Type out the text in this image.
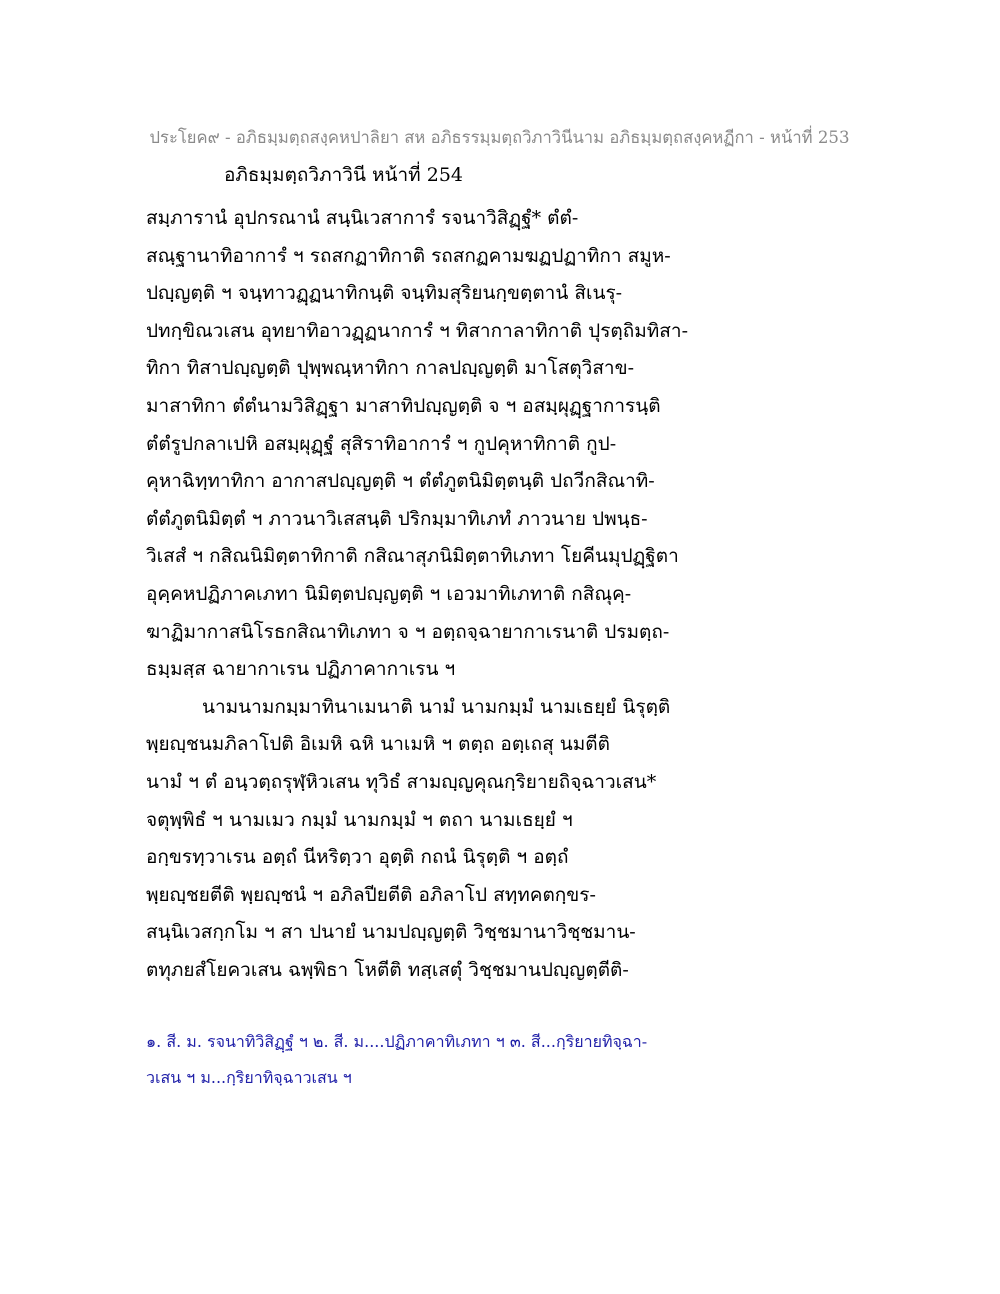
ประโยค๙ - อภิธมฺมตฺถสงฺคหปาลิยา สห อภิธรรมฺมตฺถวิภาวินีนาม อภิธมฺมตฺถสงฺคหฏีกา - หน้าที่ 253
อภิธมฺมตฺถวิภาวินี หน้าที่ 254
สมฺภารานํ อุปกรณานํ สนฺนิเวสาการํ รจนาวิสิฏฺฐํ* ตํตํ-
สณฺฐานาทิอาการํ ฯ รถสกฏาทิกาติ รถสกฏคามฆฏปฏาทิกา สมูห-
ปญฺญตฺติ ฯ จนฺทาวฏฺฏนาทิกนฺติ จนฺทิมสุริยนกฺขตฺตานํ สิเนรุ-
ปทกฺขิณวเสน อุทยาทิอาวฏฺฏนาการํ ฯ ทิสากาลาทิกาติ ปุรตฺถิมทิสา-
ทิกา ทิสาปญฺญตฺติ ปุพฺพณฺหาทิกา กาลปญฺญตฺติ มาโสตุวิสาข-
มาสาทิกา ตํตํนามวิสิฏฺฐา มาสาทิปญฺญตฺติ จ ฯ อสมฺผุฏฺฐาการนฺติ
ตํตํรูปกลาเปหิ อสมฺผุฏฺฐํ สุสิราทิอาการํ ฯ กูปคุหาทิกาติ กูป-
คุหาฉิทฺทาทิกา อากาสปญฺญตฺติ ฯ ตํตํภูตนิมิตฺตนฺติ ปถวีกสิณาทิ-
ตํตํภูตนิมิตฺตํ ฯ ภาวนาวิเสสนฺติ ปริกมฺมาทิเภทํ ภาวนาย ปพนฺธ-
วิเสสํ ฯ กสิณนิมิตฺตาทิกาติ กสิณาสุภนิมิตฺตาทิเภทา โยคีนมุปฏฺฐิตา
อุคฺคหปฏิภาคเภทา นิมิตฺตปญฺญตฺติ ฯ เอวมาทิเภทาติ กสิณุคฺ-
ฆาฏิมากาสนิโรธกสิณาทิเภทา จ ฯ อตฺถจฺฉายากาเรนาติ ปรมตฺถ-
ธมฺมสฺส ฉายากาเรน ปฏิภาคากาเรน ฯ
นามนามกมฺมาทินาเมนาติ นามํ นามกมฺมํ นามเธยฺยํ นิรุตฺติ
พฺยญฺชนมภิลาโปติ อิเมหิ ฉหิ นาเมหิ ฯ ตตฺถ อตฺเถสุ นมตีติ
นามํ ฯ ตํ อนฺวตฺถรุฬฺหิวเสน ทุวิธํ สามญฺญคุณกฺริยายถิจฺฉาวเสน*
จตุพฺพิธํ ฯ นามเมว กมฺมํ นามกมฺมํ ฯ ตถา นามเธยฺยํ ฯ
อกฺขรทฺวาเรน อตฺถํ นีหริตฺวา อุตฺติ กถนํ นิรุตฺติ ฯ อตฺถํ
พฺยญฺชยตีติ พฺยญฺชนํ ฯ อภิลปียตีติ อภิลาโป สทฺทคตกฺขร-
สนฺนิเวสกฺกโม ฯ สา ปนายํ นามปญฺญตฺติ วิชฺชมานาวิชฺชมาน-
ตทุภยสํโยควเสน ฉพฺพิธา โหตีติ ทสฺเสตุํ วิชฺชมานปญฺญตฺตีติ-
๑. สี. ม. รจนาทิวิสิฏฺฐํ ฯ ๒. สี. ม....ปฏิภาคาทิเภทา ฯ ๓. สี...กฺริยายทิจฺฉา-
วเสน ฯ ม...กฺริยาทิจฺฉาวเสน ฯ
